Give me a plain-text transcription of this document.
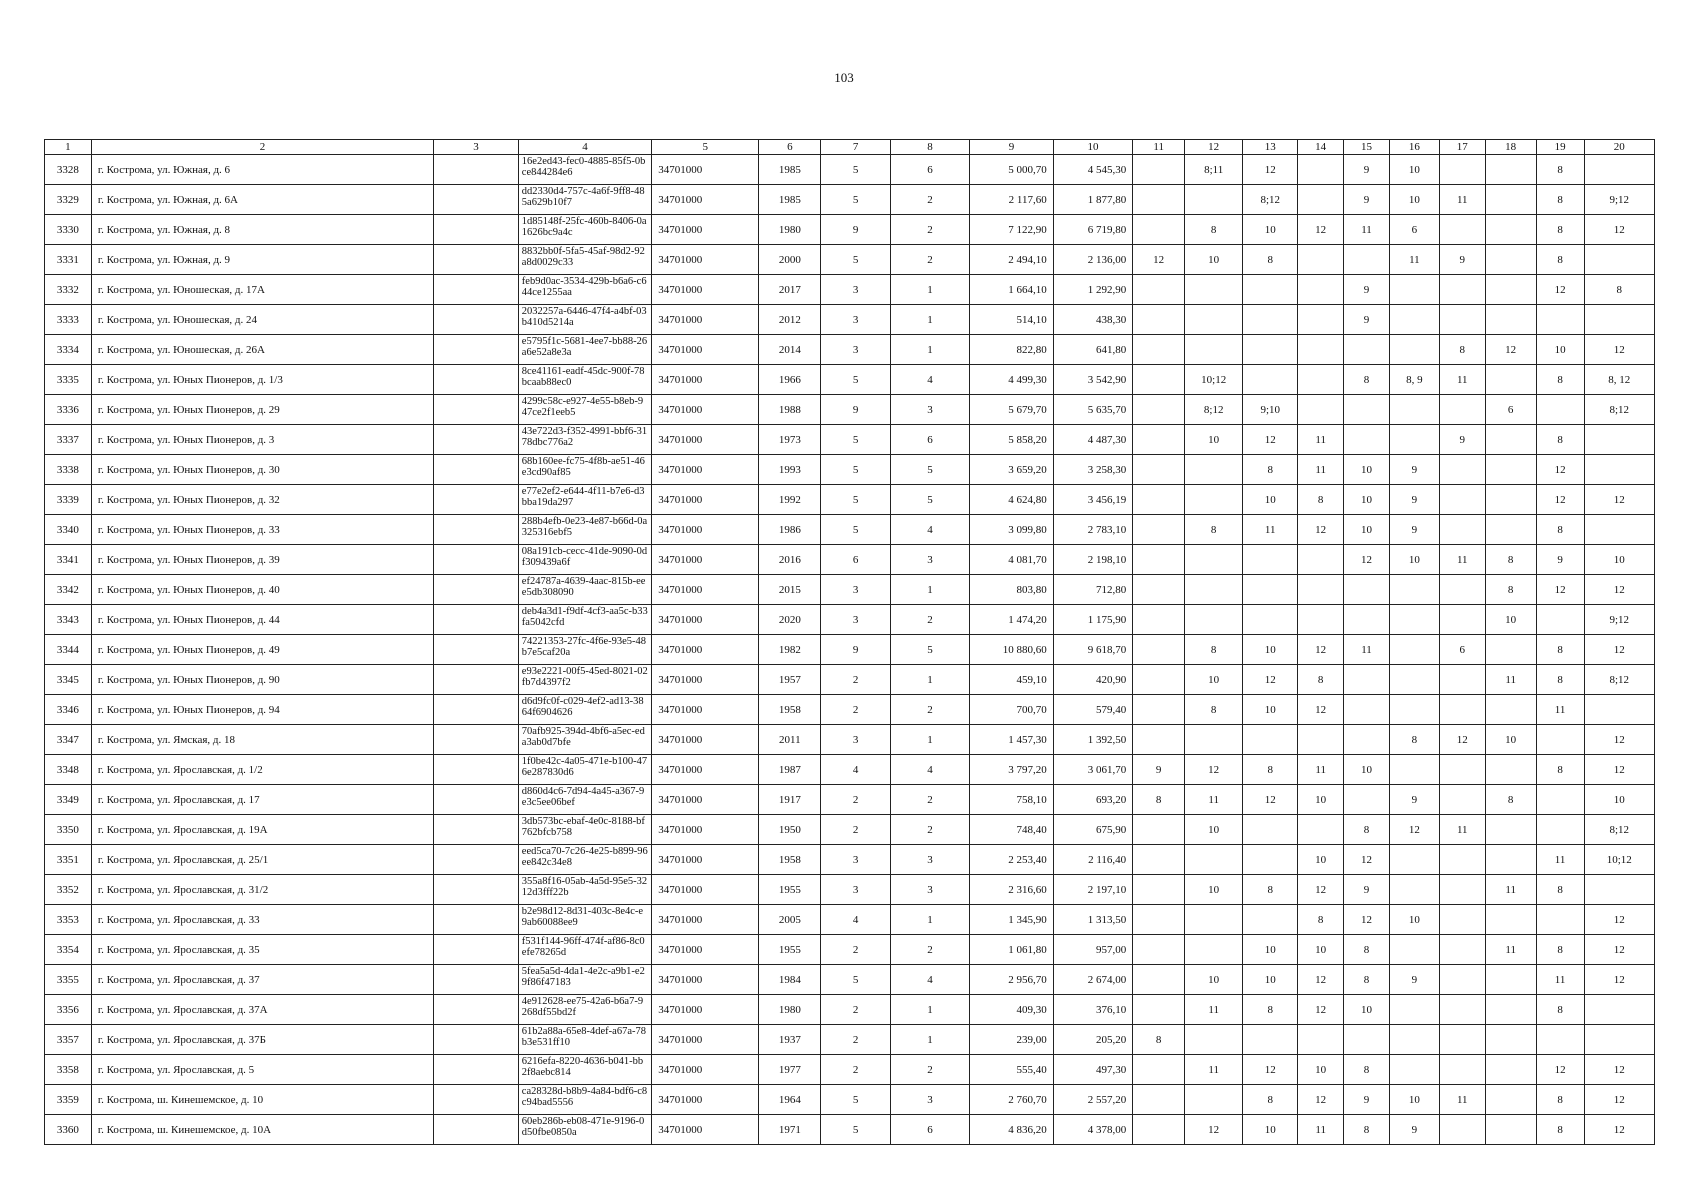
103
1	2	3	4	5	6	7	8	9	10	11	12	13	14	15	16	17	18	19	20
3328	г. Кострома, ул. Южная, д. 6		16e2ed43-fec0-4885-85f5-0bce844284e6	34701000	1985	5	6	5 000,70	4 545,30		8;11	12		9	10			8	
3329	г. Кострома, ул. Южная, д. 6А		dd2330d4-757c-4a6f-9ff8-485a629b10f7	34701000	1985	5	2	2 117,60	1 877,80			8;12		9	10	11		8	9;12
3330	г. Кострома, ул. Южная, д. 8		1d85148f-25fc-460b-8406-0a1626bc9a4c	34701000	1980	9	2	7 122,90	6 719,80		8	10	12	11	6			8	12
3331	г. Кострома, ул. Южная, д. 9		8832bb0f-5fa5-45af-98d2-92a8d0029c33	34701000	2000	5	2	2 494,10	2 136,00	12	10	8			11	9		8	
3332	г. Кострома, ул. Юношеская, д. 17А		feb9d0ac-3534-429b-b6a6-c644ce1255aa	34701000	2017	3	1	1 664,10	1 292,90					9				12	8
3333	г. Кострома, ул. Юношеская, д. 24		2032257a-6446-47f4-a4bf-03b410d5214a	34701000	2012	3	1	514,10	438,30					9					
3334	г. Кострома, ул. Юношеская, д. 26А		e5795f1c-5681-4ee7-bb88-26a6e52a8e3a	34701000	2014	3	1	822,80	641,80							8	12	10	12
3335	г. Кострома, ул. Юных Пионеров, д. 1/3		8ce41161-eadf-45dc-900f-78bcaab88ec0	34701000	1966	5	4	4 499,30	3 542,90		10;12			8	8, 9	11		8	8, 12
3336	г. Кострома, ул. Юных Пионеров, д. 29		4299c58c-e927-4e55-b8eb-947ce2f1eeb5	34701000	1988	9	3	5 679,70	5 635,70		8;12	9;10					6		8;12
3337	г. Кострома, ул. Юных Пионеров, д. 3		43e722d3-f352-4991-bbf6-3178dbc776a2	34701000	1973	5	6	5 858,20	4 487,30		10	12	11			9		8	
3338	г. Кострома, ул. Юных Пионеров, д. 30		68b160ee-fc75-4f8b-ae51-46e3cd90af85	34701000	1993	5	5	3 659,20	3 258,30			8	11	10	9			12	
3339	г. Кострома, ул. Юных Пионеров, д. 32		e77e2ef2-e644-4f11-b7e6-d3bba19da297	34701000	1992	5	5	4 624,80	3 456,19			10	8	10	9			12	12
3340	г. Кострома, ул. Юных Пионеров, д. 33		288b4efb-0e23-4e87-b66d-0a325316ebf5	34701000	1986	5	4	3 099,80	2 783,10		8	11	12	10	9			8	
3341	г. Кострома, ул. Юных Пионеров, д. 39		08a191cb-cecc-41de-9090-0df309439a6f	34701000	2016	6	3	4 081,70	2 198,10					12	10	11	8	9	10
3342	г. Кострома, ул. Юных Пионеров, д. 40		ef24787a-4639-4aac-815b-eee5db308090	34701000	2015	3	1	803,80	712,80								8	12	12
3343	г. Кострома, ул. Юных Пионеров, д. 44		deb4a3d1-f9df-4cf3-aa5c-b33fa5042cfd	34701000	2020	3	2	1 474,20	1 175,90								10		9;12
3344	г. Кострома, ул. Юных Пионеров, д. 49		74221353-27fc-4f6e-93e5-48b7e5caf20a	34701000	1982	9	5	10 880,60	9 618,70		8	10	12	11		6		8	12
3345	г. Кострома, ул. Юных Пионеров, д. 90		e93e2221-00f5-45ed-8021-02fb7d4397f2	34701000	1957	2	1	459,10	420,90		10	12	8				11	8	8;12
3346	г. Кострома, ул. Юных Пионеров, д. 94		d6d9fc0f-c029-4ef2-ad13-3864f6904626	34701000	1958	2	2	700,70	579,40		8	10	12					11	
3347	г. Кострома, ул. Ямская, д. 18		70afb925-394d-4bf6-a5ec-eda3ab0d7bfe	34701000	2011	3	1	1 457,30	1 392,50						8	12	10		12
3348	г. Кострома, ул. Ярославская, д. 1/2		1f0be42c-4a05-471e-b100-476e287830d6	34701000	1987	4	4	3 797,20	3 061,70	9	12	8	11	10				8	12
3349	г. Кострома, ул. Ярославская, д. 17		d860d4c6-7d94-4a45-a367-9e3c5ee06bef	34701000	1917	2	2	758,10	693,20	8	11	12	10		9		8		10
3350	г. Кострома, ул. Ярославская, д. 19А		3db573bc-ebaf-4e0c-8188-bf762bfcb758	34701000	1950	2	2	748,40	675,90		10			8	12	11			8;12
3351	г. Кострома, ул. Ярославская, д. 25/1		eed5ca70-7c26-4e25-b899-96ee842c34e8	34701000	1958	3	3	2 253,40	2 116,40				10	12				11	10;12
3352	г. Кострома, ул. Ярославская, д. 31/2		355a8f16-05ab-4a5d-95e5-3212d3fff22b	34701000	1955	3	3	2 316,60	2 197,10		10	8	12	9			11	8	
3353	г. Кострома, ул. Ярославская, д. 33		b2e98d12-8d31-403c-8e4c-e9ab60088ee9	34701000	2005	4	1	1 345,90	1 313,50				8	12	10				12
3354	г. Кострома, ул. Ярославская, д. 35		f531f144-96ff-474f-af86-8c0efe78265d	34701000	1955	2	2	1 061,80	957,00			10	10	8			11	8	12
3355	г. Кострома, ул. Ярославская, д. 37		5fea5a5d-4da1-4e2c-a9b1-e29f86f47183	34701000	1984	5	4	2 956,70	2 674,00		10	10	12	8	9			11	12
3356	г. Кострома, ул. Ярославская, д. 37А		4e912628-ee75-42a6-b6a7-9268df55bd2f	34701000	1980	2	1	409,30	376,10		11	8	12	10				8	
3357	г. Кострома, ул. Ярославская, д. 37Б		61b2a88a-65e8-4def-a67a-78b3e531ff10	34701000	1937	2	1	239,00	205,20	8									
3358	г. Кострома, ул. Ярославская, д. 5		6216efa-8220-4636-b041-bb2f8aebc814	34701000	1977	2	2	555,40	497,30		11	12	10	8				12	12
3359	г. Кострома, ш. Кинешемское, д. 10		ca28328d-b8b9-4a84-bdf6-c8c94bad5556	34701000	1964	5	3	2 760,70	2 557,20			8	12	9	10	11		8	12
3360	г. Кострома, ш. Кинешемское, д. 10А		60eb286b-eb08-471e-9196-0d50fbe0850a	34701000	1971	5	6	4 836,20	4 378,00		12	10	11	8	9			8	12
